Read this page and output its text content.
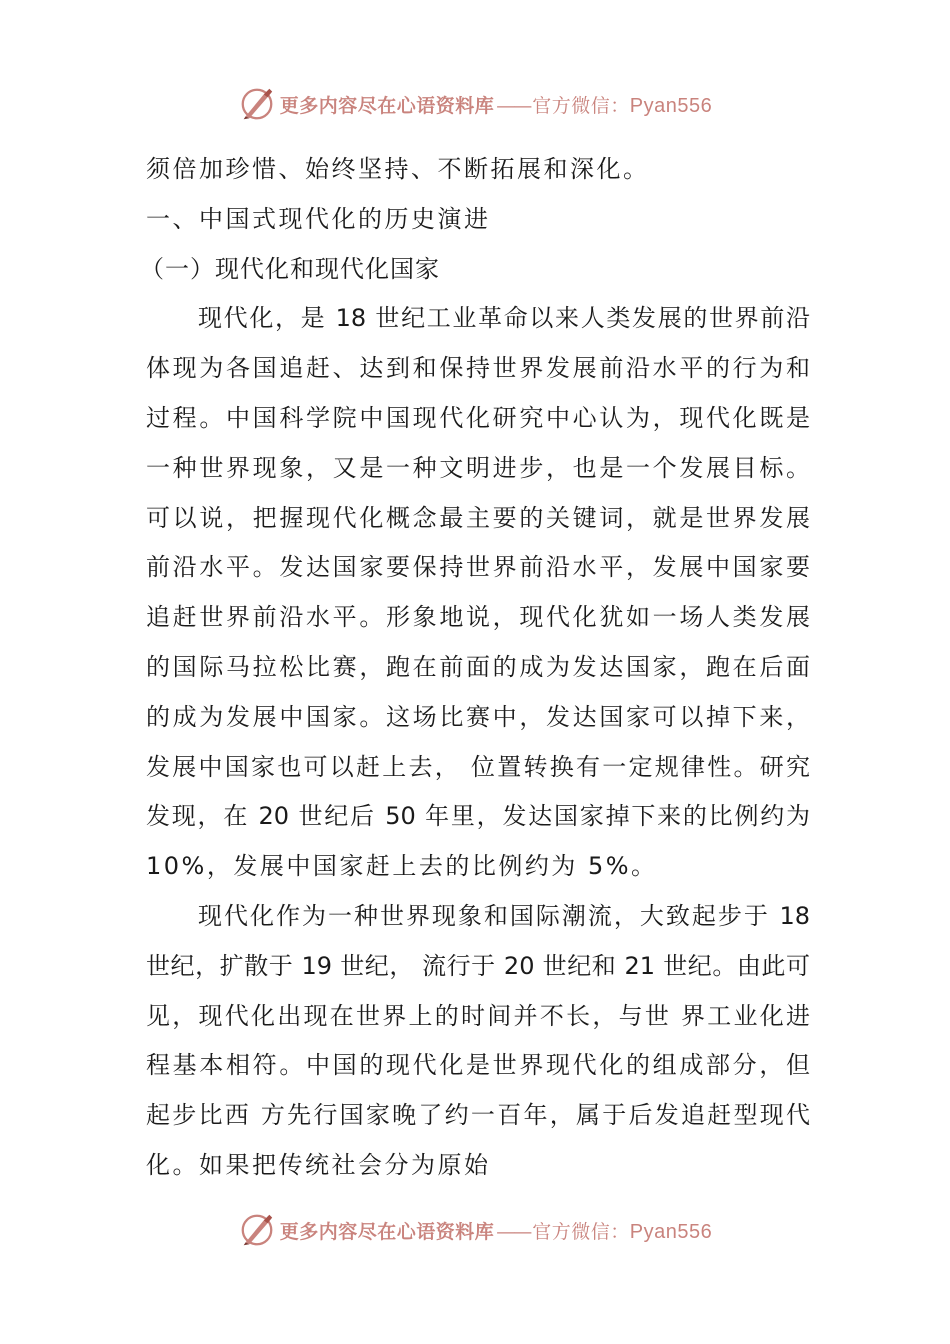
更多内容尽在心语资料库 —— 官方微信：Pyan556
须倍加珍惜、始终坚持、不断拓展和深化。
一、中国式现代化的历史演进
（一）现代化和现代化国家
现代化，是 18 世纪工业革命以来人类发展的世界前沿
体现为各国追赶、达到和保持世界发展前沿水平的行为和
过程。中国科学院中国现代化研究中心认为，现代化既是
一种世界现象，又是一种文明进步，也是一个发展目标。
可以说，把握现代化概念最主要的关键词，就是世界发展
前沿水平。发达国家要保持世界前沿水平，发展中国家要
追赶世界前沿水平。形象地说，现代化犹如一场人类发展
的国际马拉松比赛，跑在前面的成为发达国家，跑在后面
的成为发展中国家。这场比赛中，发达国家可以掉下来，
发展中国家也可以赶上去， 位置转换有一定规律性。研究
发现，在 20 世纪后 50 年里，发达国家掉下来的比例约为
10%，发展中国家赶上去的比例约为 5%。
现代化作为一种世界现象和国际潮流，大致起步于 18
世纪，扩散于 19 世纪， 流行于 20 世纪和 21 世纪。由此可
见，现代化出现在世界上的时间并不长，与世 界工业化进
程基本相符。中国的现代化是世界现代化的组成部分，但
起步比西 方先行国家晚了约一百年，属于后发追赶型现代
化。如果把传统社会分为原始
更多内容尽在心语资料库 —— 官方微信：Pyan556
